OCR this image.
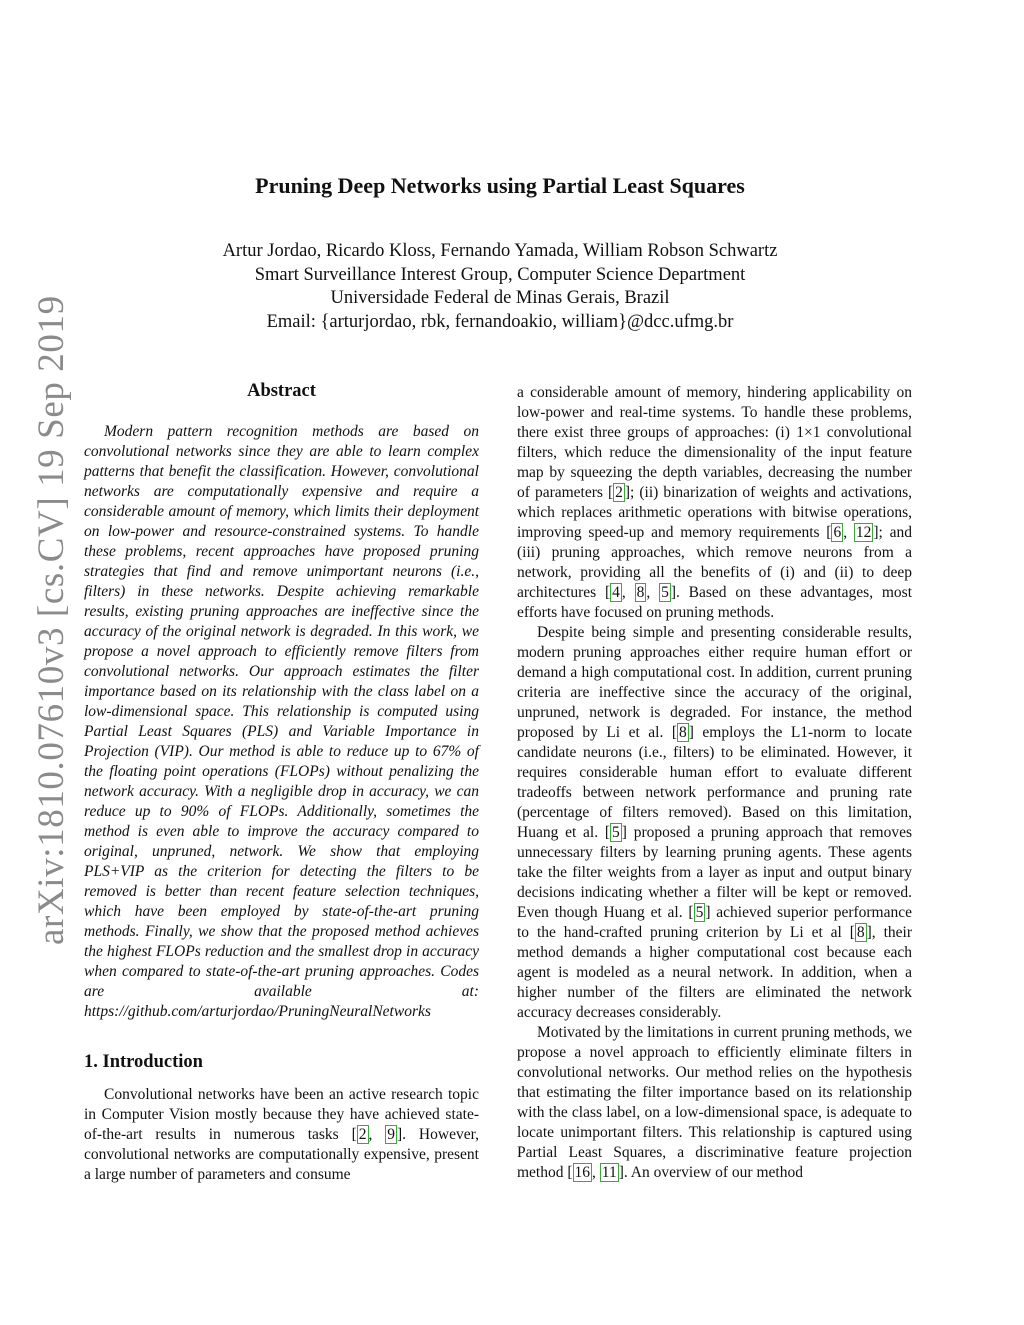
arXiv:1810.07610v3 [cs.CV] 19 Sep 2019
Pruning Deep Networks using Partial Least Squares
Artur Jordao, Ricardo Kloss, Fernando Yamada, William Robson Schwartz
Smart Surveillance Interest Group, Computer Science Department
Universidade Federal de Minas Gerais, Brazil
Email: {arturjordao, rbk, fernandoakio, william}@dcc.ufmg.br
Abstract

Modern pattern recognition methods are based on convolutional networks since they are able to learn complex patterns that benefit the classification. However, convolutional networks are computationally expensive and require a considerable amount of memory, which limits their deployment on low-power and resource-constrained systems. To handle these problems, recent approaches have proposed pruning strategies that find and remove unimportant neurons (i.e., filters) in these networks. Despite achieving remarkable results, existing pruning approaches are ineffective since the accuracy of the original network is degraded. In this work, we propose a novel approach to efficiently remove filters from convolutional networks. Our approach estimates the filter importance based on its relationship with the class label on a low-dimensional space. This relationship is computed using Partial Least Squares (PLS) and Variable Importance in Projection (VIP). Our method is able to reduce up to 67% of the floating point operations (FLOPs) without penalizing the network accuracy. With a negligible drop in accuracy, we can reduce up to 90% of FLOPs. Additionally, sometimes the method is even able to improve the accuracy compared to original, unpruned, network. We show that employing PLS+VIP as the criterion for detecting the filters to be removed is better than recent feature selection techniques, which have been employed by state-of-the-art pruning methods. Finally, we show that the proposed method achieves the highest FLOPs reduction and the smallest drop in accuracy when compared to state-of-the-art pruning approaches. Codes are available at: https://github.com/arturjordao/PruningNeuralNetworks

1. Introduction

Convolutional networks have been an active research topic in Computer Vision mostly because they have achieved state-of-the-art results in numerous tasks [ 2 , 9 ]. However, convolutional networks are computationally expensive, present a large number of parameters and consume

a considerable amount of memory, hindering applicability on low-power and real-time systems. To handle these problems, there exist three groups of approaches: (i) 1×1 convolutional filters, which reduce the dimensionality of the input feature map by squeezing the depth variables, decreasing the number of parameters [ 2 ]; (ii) binarization of weights and activations, which replaces arithmetic operations with bitwise operations, improving speed-up and memory requirements [ 6 , 12 ]; and (iii) pruning approaches, which remove neurons from a network, providing all the benefits of (i) and (ii) to deep architectures [ 4 , 8 , 5 ]. Based on these advantages, most efforts have focused on pruning methods.

Despite being simple and presenting considerable results, modern pruning approaches either require human effort or demand a high computational cost. In addition, current pruning criteria are ineffective since the accuracy of the original, unpruned, network is degraded. For instance, the method proposed by Li et al. [ 8 ] employs the L1-norm to locate candidate neurons (i.e., filters) to be eliminated. However, it requires considerable human effort to evaluate different tradeoffs between network performance and pruning rate (percentage of filters removed). Based on this limitation, Huang et al. [ 5 ] proposed a pruning approach that removes unnecessary filters by learning pruning agents. These agents take the filter weights from a layer as input and output binary decisions indicating whether a filter will be kept or removed. Even though Huang et al. [ 5 ] achieved superior performance to the hand-crafted pruning criterion by Li et al [ 8 ], their method demands a higher computational cost because each agent is modeled as a neural network. In addition, when a higher number of the filters are eliminated the network accuracy decreases considerably.

Motivated by the limitations in current pruning methods, we propose a novel approach to efficiently eliminate filters in convolutional networks. Our method relies on the hypothesis that estimating the filter importance based on its relationship with the class label, on a low-dimensional space, is adequate to locate unimportant filters. This relationship is captured using Partial Least Squares, a discriminative feature projection method [ 16 , 11 ]. An overview of our method
